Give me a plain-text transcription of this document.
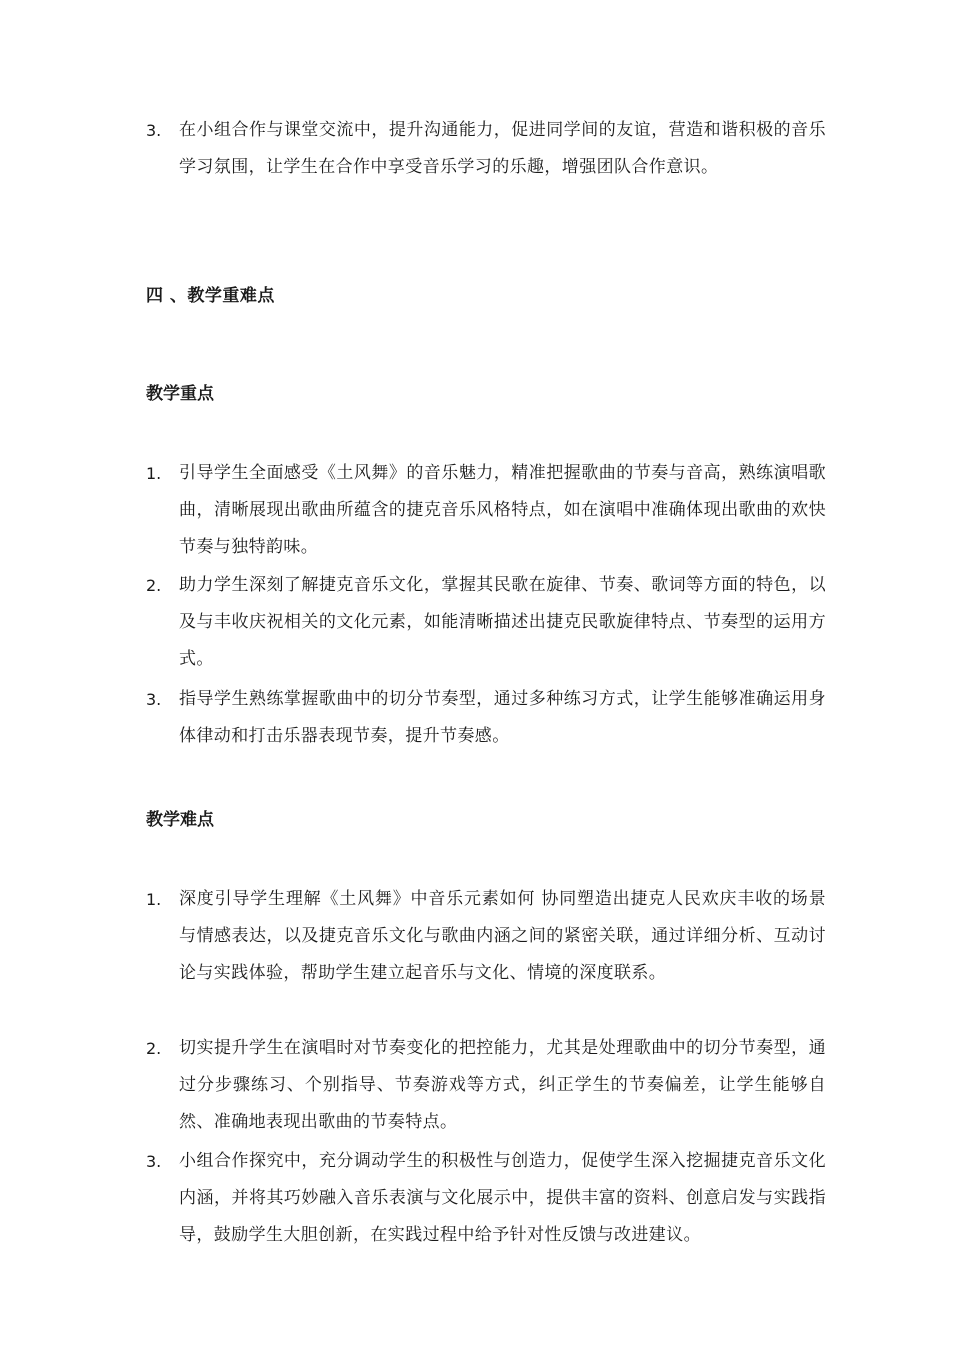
3. 在小组合作与课堂交流中，提升沟通能力，促进同学间的友谊，营造和谐积极的音乐学习氛围，让学生在合作中享受音乐学习的乐趣，增强团队合作意识。
四 、教学重难点
教学重点
1. 引导学生全面感受《土风舞》的音乐魅力，精准把握歌曲的节奏与音高，熟练演唱歌曲，清晰展现出歌曲所蕴含的捷克音乐风格特点，如在演唱中准确体现出歌曲的欢快节奏与独特韵味。
2. 助力学生深刻了解捷克音乐文化，掌握其民歌在旋律、节奏、歌词等方面的特色，以及与丰收庆祝相关的文化元素，如能清晰描述出捷克民歌旋律特点、节奏型的运用方式。
3. 指导学生熟练掌握歌曲中的切分节奏型，通过多种练习方式，让学生能够准确运用身体律动和打击乐器表现节奏，提升节奏感。
教学难点
1. 深度引导学生理解《土风舞》中音乐元素如何 协同塑造出捷克人民欢庆丰收的场景与情感表达，以及捷克音乐文化与歌曲内涵之间的紧密关联，通过详细分析、互动讨论与实践体验，帮助学生建立起音乐与文化、情境的深度联系。
2. 切实提升学生在演唱时对节奏变化的把控能力，尤其是处理歌曲中的切分节奏型，通过分步骤练习、个别指导、节奏游戏等方式，纠正学生的节奏偏差，让学生能够自然、准确地表现出歌曲的节奏特点。
3. 小组合作探究中，充分调动学生的积极性与创造力，促使学生深入挖掘捷克音乐文化内涵，并将其巧妙融入音乐表演与文化展示中，提供丰富的资料、创意启发与实践指导，鼓励学生大胆创新，在实践过程中给予针对性反馈与改进建议。
